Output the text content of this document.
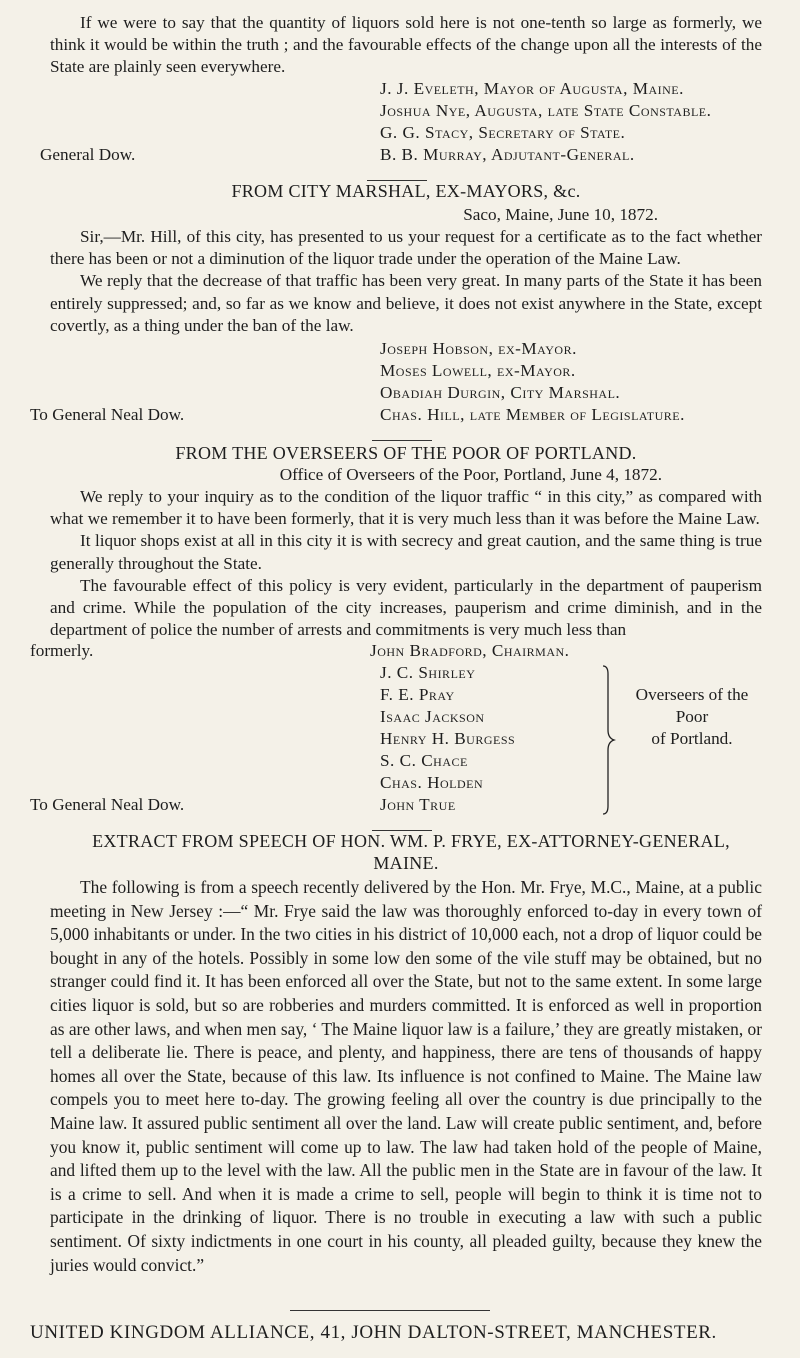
If we were to say that the quantity of liquors sold here is not one-tenth so large as formerly, we think it would be within the truth ; and the favourable effects of the change upon all the interests of the State are plainly seen everywhere.

J. J. Eveleth, Mayor of Augusta, Maine.
Joshua Nye, Augusta, late State Constable.
G. G. Stacy, Secretary of State.
B. B. Murray, Adjutant-General.
General Dow.
FROM CITY MARSHAL, EX-MAYORS, &c.
Saco, Maine, June 10, 1872.

Sir,—Mr. Hill, of this city, has presented to us your request for a certificate as to the fact whether there has been or not a diminution of the liquor trade under the operation of the Maine Law.

We reply that the decrease of that traffic has been very great. In many parts of the State it has been entirely suppressed; and, so far as we know and believe, it does not exist anywhere in the State, except covertly, as a thing under the ban of the law.

Joseph Hobson, ex-Mayor.
Moses Lowell, ex-Mayor.
Obadiah Durgin, City Marshal.
Chas. Hill, late Member of Legislature.
To General Neal Dow.
FROM THE OVERSEERS OF THE POOR OF PORTLAND.
Office of Overseers of the Poor, Portland, June 4, 1872.

We reply to your inquiry as to the condition of the liquor traffic “ in this city,” as compared with what we remember it to have been formerly, that it is very much less than it was before the Maine Law.

It liquor shops exist at all in this city it is with secrecy and great caution, and the same thing is true generally throughout the State.

The favourable effect of this policy is very evident, particularly in the department of pauperism and crime. While the population of the city increases, pauperism and crime diminish, and in the department of police the number of arrests and commitments is very much less than

formerly.	John Bradford, Chairman.
J. C. Shirley
F. E. Pray
Isaac Jackson
Henry H. Burgess
S. C. Chace
Chas. Holden
John True
Overseers of the
Poor
of Portland.
To General Neal Dow.
EXTRACT FROM SPEECH OF HON. WM. P. FRYE, EX-ATTORNEY-GENERAL,
MAINE.

The following is from a speech recently delivered by the Hon. Mr. Frye, M.C., Maine, at a public meeting in New Jersey :—“ Mr. Frye said the law was thoroughly enforced to-day in every town of 5,000 inhabitants or under. In the two cities in his district of 10,000 each, not a drop of liquor could be bought in any of the hotels. Possibly in some low den some of the vile stuff may be obtained, but no stranger could find it. It has been enforced all over the State, but not to the same extent. In some large cities liquor is sold, but so are robberies and murders committed. It is enforced as well in proportion as are other laws, and when men say, ‘ The Maine liquor law is a failure,’ they are greatly mistaken, or tell a deliberate lie. There is peace, and plenty, and happiness, there are tens of thousands of happy homes all over the State, because of this law. Its influence is not confined to Maine. The Maine law compels you to meet here to-day. The growing feeling all over the country is due principally to the Maine law. It assured public sentiment all over the land. Law will create public sentiment, and, before you know it, public sentiment will come up to law. The law had taken hold of the people of Maine, and lifted them up to the level with the law. All the public men in the State are in favour of the law. It is a crime to sell. And when it is made a crime to sell, people will begin to think it is time not to participate in the drinking of liquor. There is no trouble in executing a law with such a public sentiment. Of sixty indictments in one court in his county, all pleaded guilty, because they knew the juries would convict.”

UNITED KINGDOM ALLIANCE, 41, JOHN DALTON-STREET, MANCHESTER.
